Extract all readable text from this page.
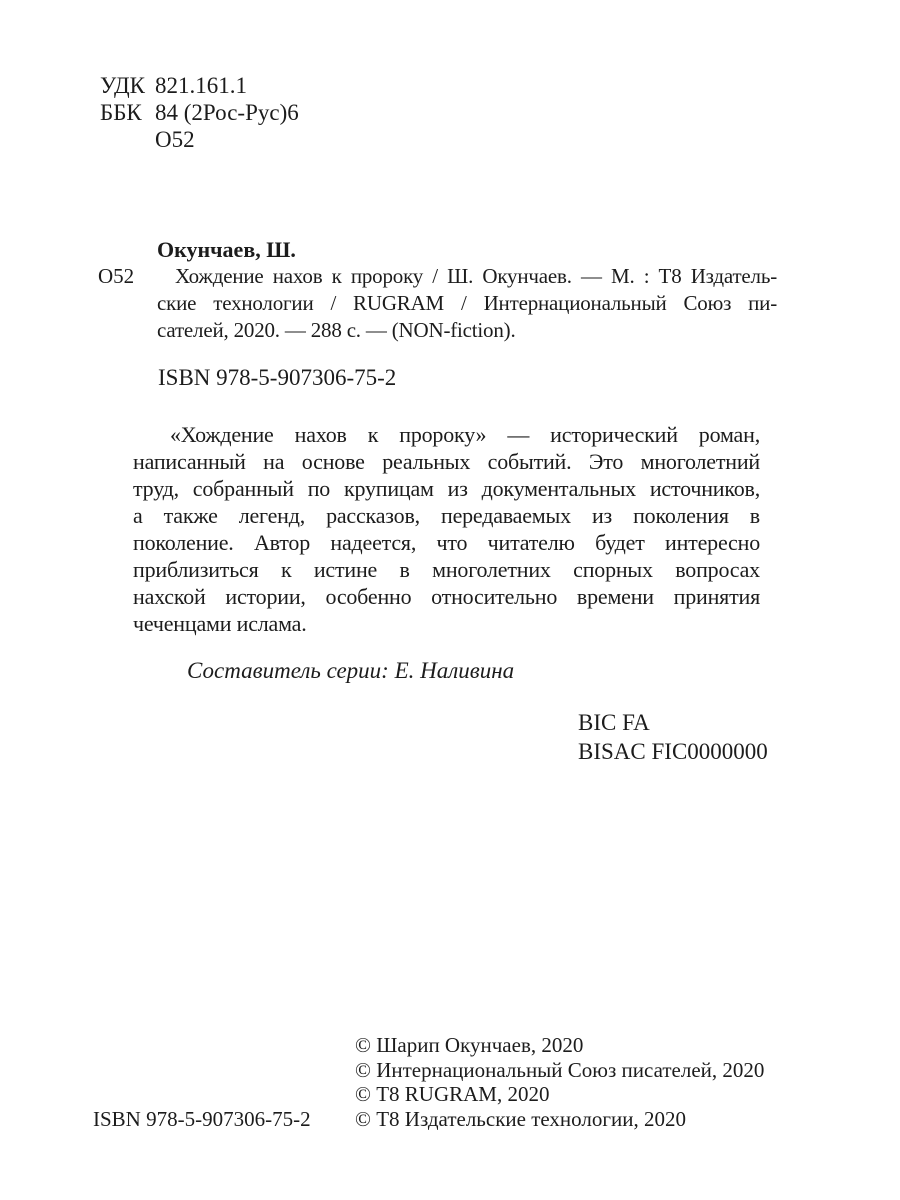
УДК 821.161.1
ББК 84 (2Рос-Рус)6
О52
Окунчаев, Ш.
О52 Хождение нахов к пророку / Ш. Окунчаев. — М. : Т8 Издатель-
ские технологии / RUGRAM / Интернациональный Союз пи-
сателей, 2020. — 288 с. — (NON-fiction).
ISBN 978-5-907306-75-2
«Хождение нахов к пророку» — исторический роман,
написанный на основе реальных событий. Это многолетний
труд, собранный по крупицам из документальных источников,
а также легенд, рассказов, передаваемых из поколения в
поколение. Автор надеется, что читателю будет интересно
приблизиться к истине в многолетних спорных вопросах
нахской истории, особенно относительно времени принятия
чеченцами ислама.
Составитель серии: Е. Наливина
BIC FA
BISAC FIC0000000
© Шарип Окунчаев, 2020
© Интернациональный Союз писателей, 2020
© Т8 RUGRAM, 2020
© Т8 Издательские технологии, 2020
ISBN 978-5-907306-75-2
